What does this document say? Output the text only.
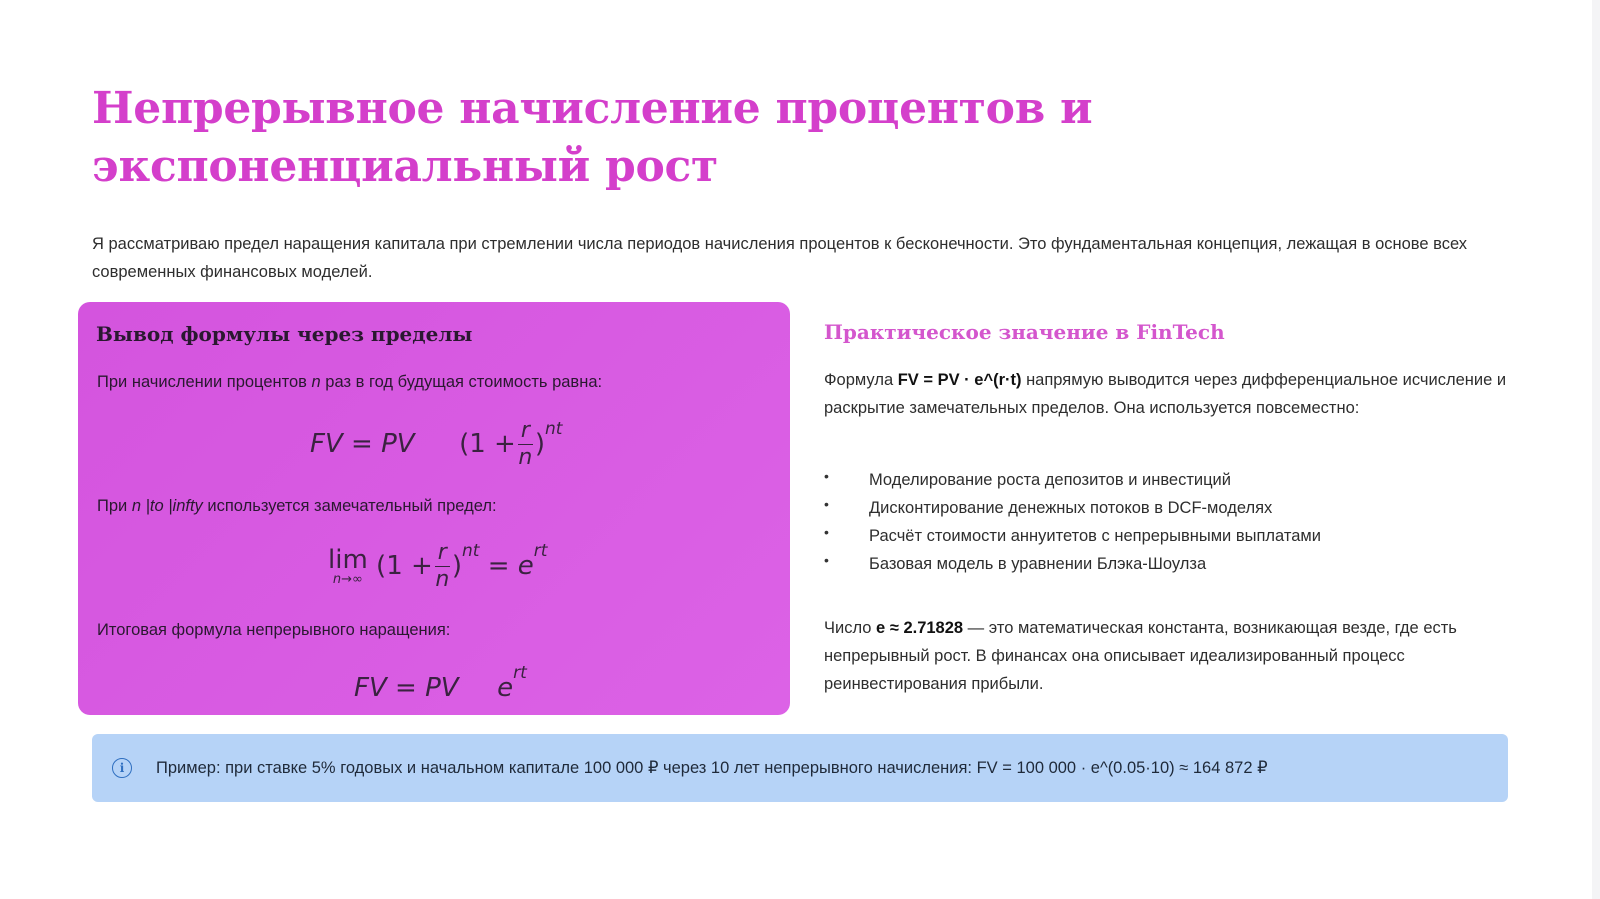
Непрерывное начисление процентов и экспоненциальный рост

Я рассматриваю предел наращения капитала при стремлении числа периодов начисления процентов к бесконечности. Это фундаментальная концепция, лежащая в основе всех современных финансовых моделей.

Вывод формулы через пределы

При начислении процентов n раз в год будущая стоимость равна:

FV = PV $(1 + \frac{r}{n} )^{nt}$

При n |to |infty используется замечательный предел:

lim
n→∞ $(1 + \frac{r}{n} )^{nt} = e^{rt}$

Итоговая формула непрерывного наращения:

FV = PV $e^{rt}$
Практическое значение в FinTech

Формула FV = PV · e^(r·t) напрямую выводится через дифференциальное исчисление и раскрытие замечательных пределов. Она используется повсеместно:

• Моделирование роста депозитов и инвестиций
• Дисконтирование денежных потоков в DCF-моделях
• Расчёт стоимости аннуитетов с непрерывными выплатами
• Базовая модель в уравнении Блэка-Шоулза

Число e ≈ 2.71828 — это математическая константа, возникающая везде, где есть непрерывный рост. В финансах она описывает идеализированный процесс реинвестирования прибыли.

i	Пример: при ставке 5% годовых и начальном капитале 100 000 ₽ через 10 лет непрерывного начисления: FV = 100 000 · e^(0.05·10) ≈ 164 872 ₽
